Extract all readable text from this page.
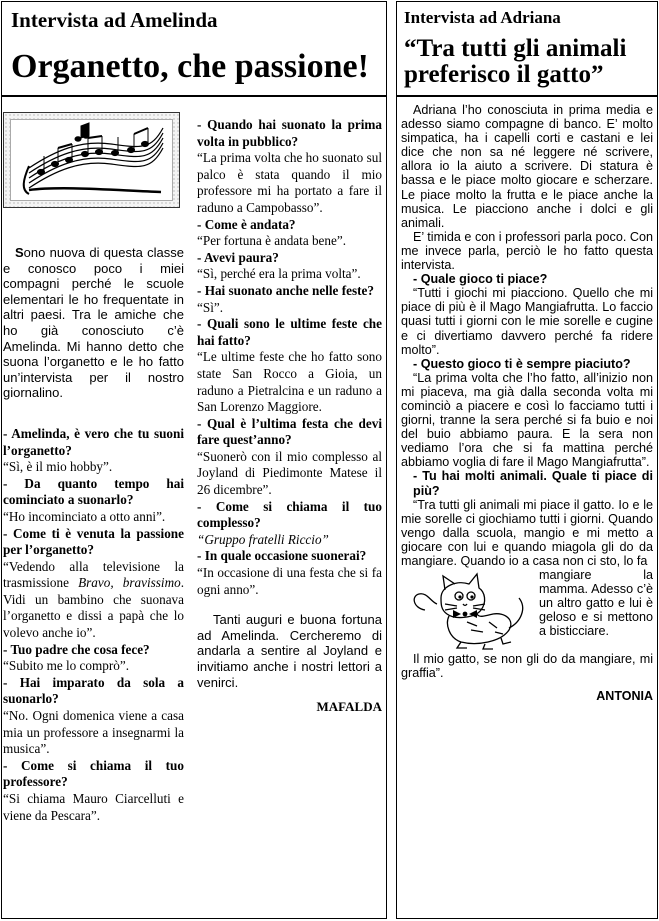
Intervista ad Amelinda
Organetto, che passione!
Intervista ad Adriana
“Tra tutti gli animali preferisco il gatto”

Sono nuova di questa classe e conosco poco i miei compagni perché le scuole elementari le ho frequentate in altri paesi. Tra le amiche che ho già conosciuto c’è Amelinda. Mi hanno detto che suona l’organetto e le ho fatto un’intervista per il nostro giornalino.

- Amelinda, è vero che tu suoni l’organetto?

“Sì, è il mio hobby”.

- Da quanto tempo hai cominciato a suonarlo?

“Ho incominciato a otto anni”.

- Come ti è venuta la passione per l’organetto?

“Vedendo alla televisione la trasmissione Bravo, bravissimo. Vidi un bambino che suonava l’organetto e dissi a papà che lo volevo anche io”.

- Tuo padre che cosa fece?

“Subito me lo comprò”.

- Hai imparato da sola a suonarlo?

“No. Ogni domenica viene a casa mia un professore a insegnarmi la musica”.

- Come si chiama il tuo professore?

“Si chiama Mauro Ciarcelluti e viene da Pescara”.

- Quando hai suonato la prima volta in pubblico?

“La prima volta che ho suonato sul palco è stata quando il mio professore mi ha portato a fare il raduno a Campobasso”.

- Come è andata?

“Per fortuna è andata bene”.

- Avevi paura?

“Sì, perché era la prima volta”.

- Hai suonato anche nelle feste?

“Sì”.

- Quali sono le ultime feste che hai fatto?

“Le ultime feste che ho fatto sono state San Rocco a Gioia, un raduno a Pietralcina e un raduno a San Lorenzo Maggiore.

- Qual è l’ultima festa che devi fare quest’anno?

“Suonerò con il mio complesso al Joyland di Piedimonte Matese il 26 dicembre”.

- Come si chiama il tuo complesso?

“Gruppo fratelli Riccio”

- In quale occasione suonerai?

“In occasione di una festa che si fa ogni anno”.

Tanti auguri e buona fortuna ad Amelinda. Cercheremo di andarla a sentire al Joyland e invitiamo anche i nostri lettori a venirci.

MAFALDA

Adriana l’ho conosciuta in prima media e adesso siamo compagne di banco. E’ molto simpatica, ha i capelli corti e castani e lei dice che non sa né leggere né scrivere, allora io la aiuto a scrivere. Di statura è bassa e le piace molto giocare e scherzare. Le piace molto la frutta e le piace anche la musica. Le piacciono anche i dolci e gli animali.

E’ timida e con i professori parla poco. Con me invece parla, perciò le ho fatto questa intervista.

- Quale gioco ti piace?

“Tutti i giochi mi piacciono. Quello che mi piace di più è il Mago Mangiafrutta. Lo faccio quasi tutti i giorni con le mie sorelle e cugine e ci divertiamo davvero perché fa ridere molto”.

- Questo gioco ti è sempre piaciuto?

“La prima volta che l’ho fatto, all’inizio non mi piaceva, ma già dalla seconda volta mi cominciò a piacere e così lo facciamo tutti i giorni, tranne la sera perché si fa buio e noi del buio abbiamo paura. E la sera non vediamo l’ora che si fa mattina perché abbiamo voglia di fare il Mago Mangiafrutta”.

- Tu hai molti animali. Quale ti piace di più?

“Tra tutti gli animali mi piace il gatto. Io e le mie sorelle ci giochiamo tutti i giorni. Quando vengo dalla scuola, mangio e mi metto a giocare con lui e quando miagola gli do da mangiare. Quando io a casa non ci sto, lo fa

mangiare la mamma. Adesso c’è un altro gatto e lui è geloso e si mettono a bisticciare.

Il mio gatto, se non gli do da mangiare, mi graffia”.

ANTONIA
